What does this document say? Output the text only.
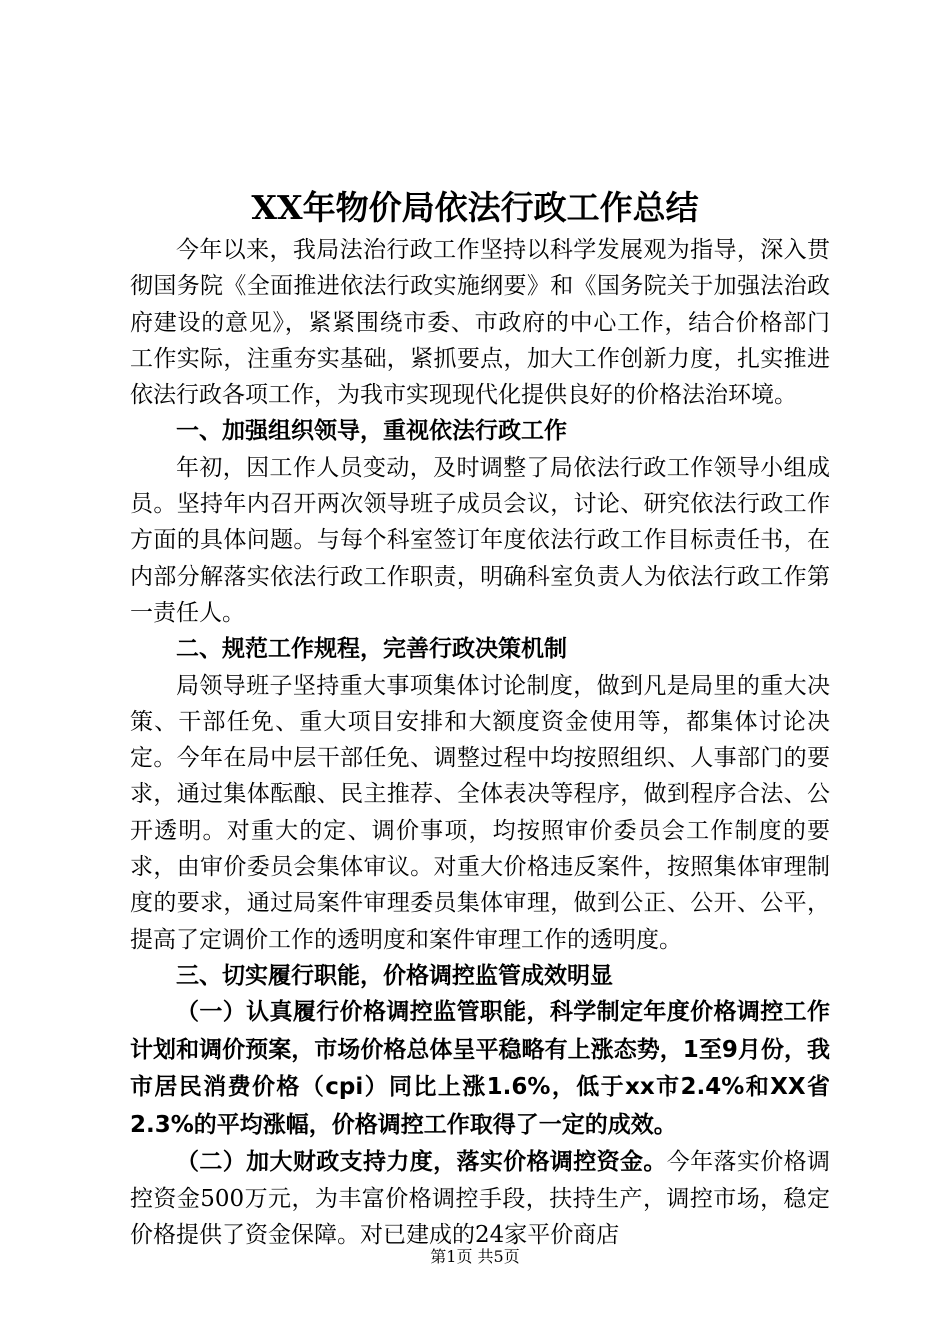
XX年物价局依法行政工作总结

今年以来，我局法治行政工作坚持以科学发展观为指导，深入贯彻国务院《全面推进依法行政实施纲要》和《国务院关于加强法治政府建设的意见》，紧紧围绕市委、市政府的中心工作，结合价格部门工作实际，注重夯实基础，紧抓要点，加大工作创新力度，扎实推进依法行政各项工作，为我市实现现代化提供良好的价格法治环境。

一、加强组织领导，重视依法行政工作

年初，因工作人员变动，及时调整了局依法行政工作领导小组成员。坚持年内召开两次领导班子成员会议，讨论、研究依法行政工作方面的具体问题。与每个科室签订年度依法行政工作目标责任书，在内部分解落实依法行政工作职责，明确科室负责人为依法行政工作第一责任人。

二、规范工作规程，完善行政决策机制

局领导班子坚持重大事项集体讨论制度，做到凡是局里的重大决策、干部任免、重大项目安排和大额度资金使用等，都集体讨论决定。今年在局中层干部任免、调整过程中均按照组织、人事部门的要求，通过集体酝酿、民主推荐、全体表决等程序，做到程序合法、公开透明。对重大的定、调价事项，均按照审价委员会工作制度的要求，由审价委员会集体审议。对重大价格违反案件，按照集体审理制度的要求，通过局案件审理委员集体审理，做到公正、公开、公平，提高了定调价工作的透明度和案件审理工作的透明度。

三、切实履行职能，价格调控监管成效明显

（一）认真履行价格调控监管职能，科学制定年度价格调控工作计划和调价预案，市场价格总体呈平稳略有上涨态势，1至9月份，我市居民消费价格（cpi）同比上涨1.6%，低于xx市2.4%和XX省2.3%的平均涨幅，价格调控工作取得了一定的成效。

（二）加大财政支持力度，落实价格调控资金。今年落实价格调控资金500万元，为丰富价格调控手段，扶持生产，调控市场，稳定价格提供了资金保障。对已建成的24家平价商店

第1页 共5页
